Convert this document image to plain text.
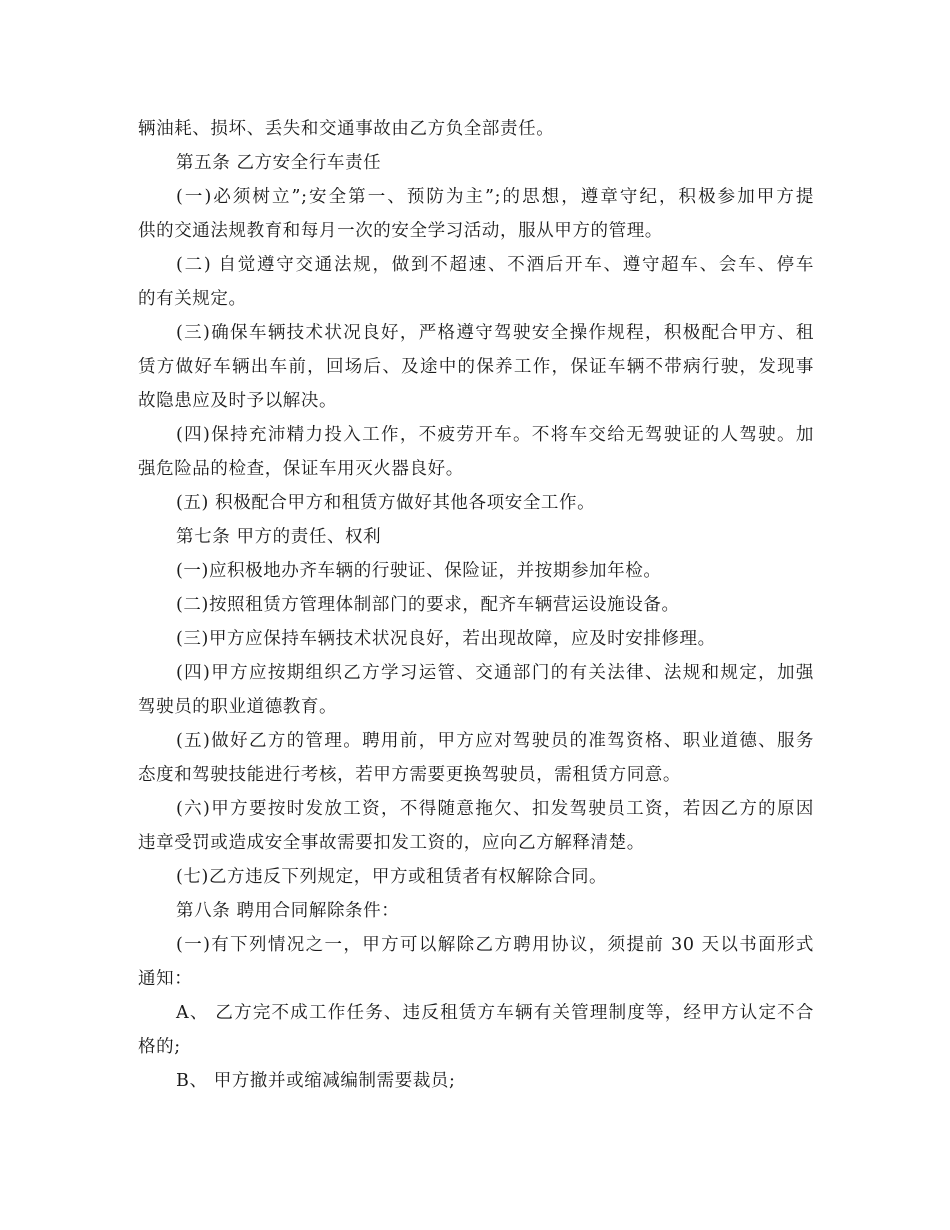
辆油耗、损坏、丢失和交通事故由乙方负全部责任。
第五条 乙方安全行车责任
(一)必须树立”;安全第一、预防为主”;的思想，遵章守纪，积极参加甲方提
供的交通法规教育和每月一次的安全学习活动，服从甲方的管理。
(二) 自觉遵守交通法规，做到不超速、不酒后开车、遵守超车、会车、停车
的有关规定。
(三)确保车辆技术状况良好，严格遵守驾驶安全操作规程，积极配合甲方、租
赁方做好车辆出车前，回场后、及途中的保养工作，保证车辆不带病行驶，发现事
故隐患应及时予以解决。
(四)保持充沛精力投入工作，不疲劳开车。不将车交给无驾驶证的人驾驶。加
强危险品的检查，保证车用灭火器良好。
(五) 积极配合甲方和租赁方做好其他各项安全工作。
第七条 甲方的责任、权利
(一)应积极地办齐车辆的行驶证、保险证，并按期参加年检。
(二)按照租赁方管理体制部门的要求，配齐车辆营运设施设备。
(三)甲方应保持车辆技术状况良好，若出现故障，应及时安排修理。
(四)甲方应按期组织乙方学习运管、交通部门的有关法律、法规和规定，加强
驾驶员的职业道德教育。
(五)做好乙方的管理。聘用前，甲方应对驾驶员的准驾资格、职业道德、服务
态度和驾驶技能进行考核，若甲方需要更换驾驶员，需租赁方同意。
(六)甲方要按时发放工资，不得随意拖欠、扣发驾驶员工资，若因乙方的原因
违章受罚或造成安全事故需要扣发工资的，应向乙方解释清楚。
(七)乙方违反下列规定，甲方或租赁者有权解除合同。
第八条 聘用合同解除条件：
(一)有下列情况之一，甲方可以解除乙方聘用协议，须提前 30 天以书面形式
通知：
A、 乙方完不成工作任务、违反租赁方车辆有关管理制度等，经甲方认定不合
格的;
B、 甲方撤并或缩减编制需要裁员;
